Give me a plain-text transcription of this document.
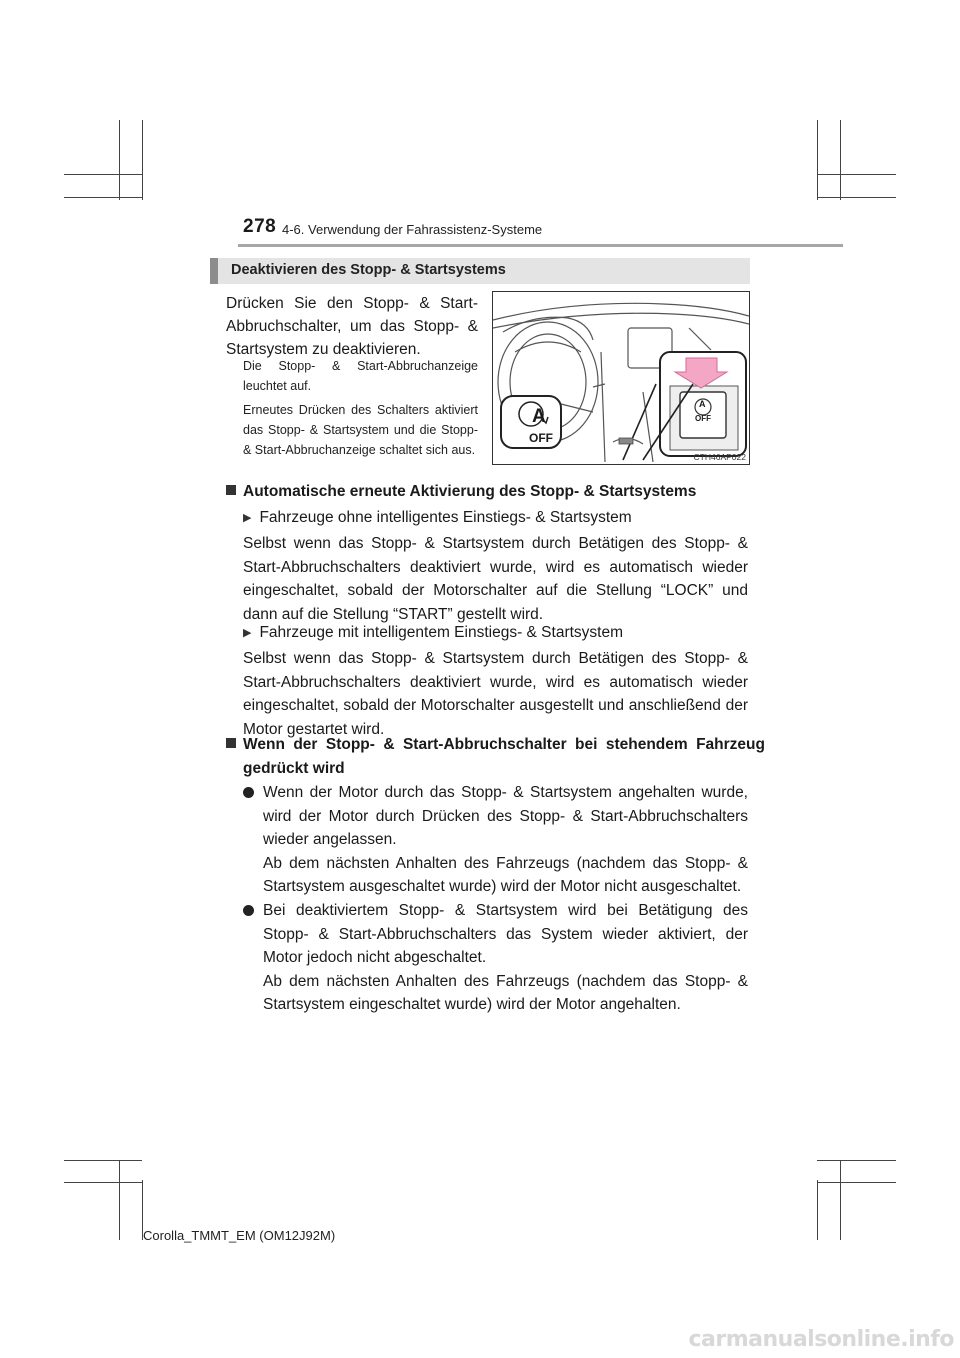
278 4-6. Verwendung der Fahrassistenz-Systeme
Deaktivieren des Stopp- & Startsystems
Drücken Sie den Stopp- & Start-Abbruchschalter, um das Stopp- & Startsystem zu deaktivieren.
Die Stopp- & Start-Abbruchanzeige leuchtet auf.
Erneutes Drücken des Schalters aktiviert das Stopp- & Startsystem und die Stopp- & Start-Abbruchanzeige schaltet sich aus.
A
OFF
A
OFF
CTH46AP022
Automatische erneute Aktivierung des Stopp- & Startsystems
▶ Fahrzeuge ohne intelligentes Einstiegs- & Startsystem
Selbst wenn das Stopp- & Startsystem durch Betätigen des Stopp- & Start-Abbruchschalters deaktiviert wurde, wird es automatisch wieder eingeschaltet, sobald der Motorschalter auf die Stellung “LOCK” und dann auf die Stellung “START” gestellt wird.
▶ Fahrzeuge mit intelligentem Einstiegs- & Startsystem
Selbst wenn das Stopp- & Startsystem durch Betätigen des Stopp- & Start-Abbruchschalters deaktiviert wurde, wird es automatisch wieder eingeschaltet, sobald der Motorschalter ausgestellt und anschließend der Motor gestartet wird.
Wenn der Stopp- & Start-Abbruchschalter bei stehendem Fahrzeug gedrückt wird
Wenn der Motor durch das Stopp- & Startsystem angehalten wurde, wird der Motor durch Drücken des Stopp- & Start-Abbruchschalters wieder angelassen.
Ab dem nächsten Anhalten des Fahrzeugs (nachdem das Stopp- & Startsystem ausgeschaltet wurde) wird der Motor nicht ausgeschaltet.
Bei deaktiviertem Stopp- & Startsystem wird bei Betätigung des Stopp- & Start-Abbruchschalters das System wieder aktiviert, der Motor jedoch nicht abgeschaltet.
Ab dem nächsten Anhalten des Fahrzeugs (nachdem das Stopp- & Startsystem eingeschaltet wurde) wird der Motor angehalten.
Corolla_TMMT_EM (OM12J92M)
carmanualsonline.info
